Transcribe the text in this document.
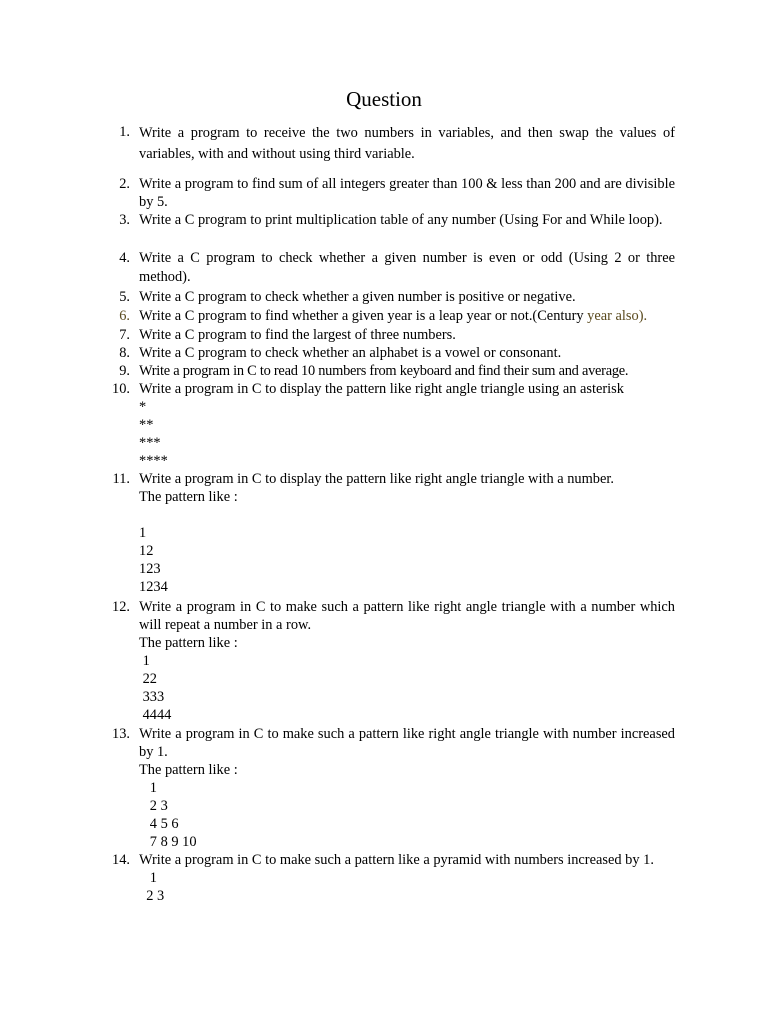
Question
1. Write a program to receive the two numbers in variables, and then swap the values of variables, with and without using third variable.
2. Write a program to find sum of all integers greater than 100 & less than 200 and are divisible by 5.
3. Write a C program to print multiplication table of any number (Using For and While loop).
4. Write a C program to check whether a given number is even or odd (Using 2 or three method).
5. Write a C program to check whether a given number is positive or negative.
6. Write a C program to find whether a given year is a leap year or not.(Century year also).
7. Write a C program to find the largest of three numbers.
8. Write a C program to check whether an alphabet is a vowel or consonant.
9. Write a program in C to read 10 numbers from keyboard and find their sum and average.
10. Write a program in C to display the pattern like right angle triangle using an asterisk
*
**
***
****
11. Write a program in C to display the pattern like right angle triangle with a number.
The pattern like :
1
12
123
1234
12. Write a program in C to make such a pattern like right angle triangle with a number which will repeat a number in a row.
The pattern like :
1
22
333
4444
13. Write a program in C to make such a pattern like right angle triangle with number increased by 1.
The pattern like :
1
2 3
4 5 6
7 8 9 10
14. Write a program in C to make such a pattern like a pyramid with numbers increased by 1.
1
2 3
